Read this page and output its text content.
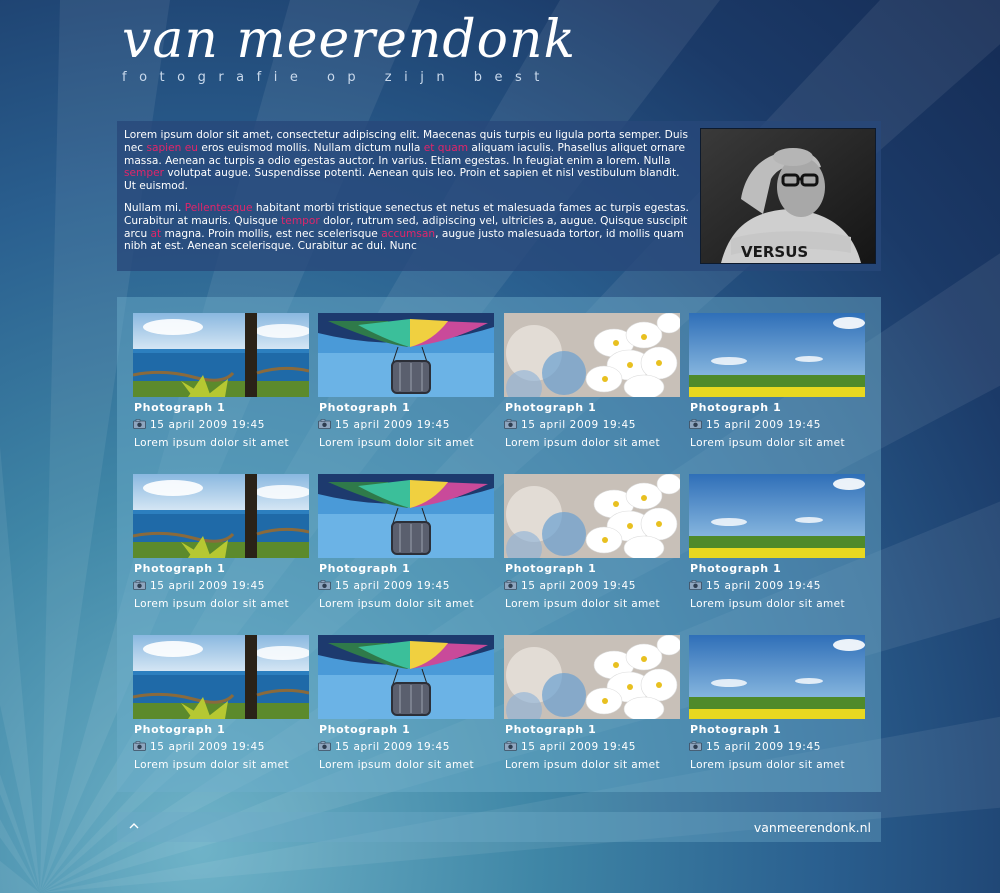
van meerendonk
fotografie op zijn best

Lorem ipsum dolor sit amet, consectetur adipiscing elit. Maecenas quis turpis eu ligula porta semper. Duis nec sapien eu eros euismod mollis. Nullam dictum nulla et quam aliquam iaculis. Phasellus aliquet ornare massa. Aenean ac turpis a odio egestas auctor. In varius. Etiam egestas. In feugiat enim a lorem. Nulla semper volutpat augue. Suspendisse potenti. Aenean quis leo. Proin et sapien et nisl vestibulum blandit. Ut euismod.

Nullam mi. Pellentesque habitant morbi tristique senectus et netus et malesuada fames ac turpis egestas. Curabitur at mauris. Quisque tempor dolor, rutrum sed, adipiscing vel, ultricies a, augue. Quisque suscipit arcu at magna. Proin mollis, est nec scelerisque accumsan, augue justo malesuada tortor, id mollis quam nibh at est. Aenean scelerisque. Curabitur ac dui. Nunc	VERSUS
Photograph 1
15 april 2009 19:45
Lorem ipsum dolor sit amet
Photograph 1
15 april 2009 19:45
Lorem ipsum dolor sit amet
Photograph 1
15 april 2009 19:45
Lorem ipsum dolor sit amet
Photograph 1
15 april 2009 19:45
Lorem ipsum dolor sit amet
Photograph 1
15 april 2009 19:45
Lorem ipsum dolor sit amet
Photograph 1
15 april 2009 19:45
Lorem ipsum dolor sit amet
Photograph 1
15 april 2009 19:45
Lorem ipsum dolor sit amet
Photograph 1
15 april 2009 19:45
Lorem ipsum dolor sit amet
Photograph 1
15 april 2009 19:45
Lorem ipsum dolor sit amet
Photograph 1
15 april 2009 19:45
Lorem ipsum dolor sit amet
Photograph 1
15 april 2009 19:45
Lorem ipsum dolor sit amet
Photograph 1
15 april 2009 19:45
Lorem ipsum dolor sit amet
vanmeerendonk.nl
